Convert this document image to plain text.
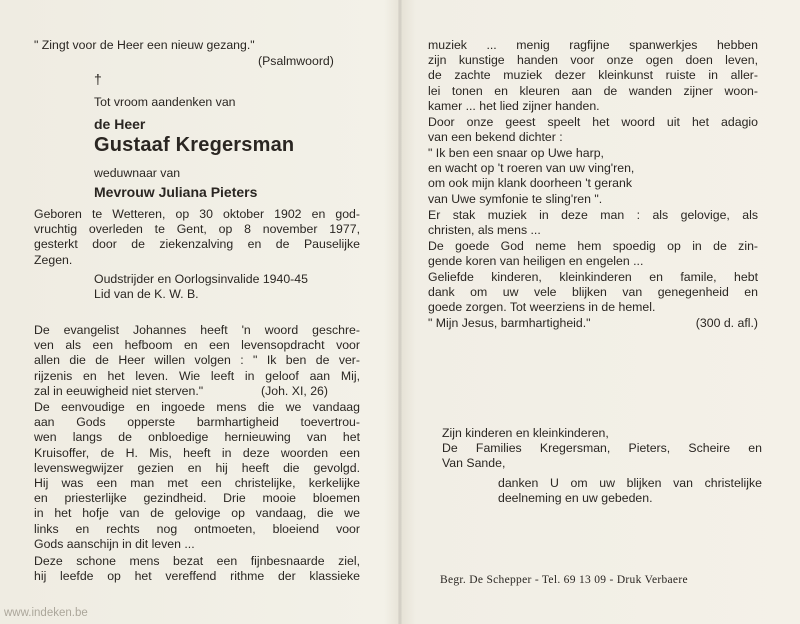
" Zingt voor de Heer een nieuw gezang."
(Psalmwoord)
†
Tot vroom aandenken van
de Heer
Gustaaf Kregersman
weduwnaar van
Mevrouw Juliana Pieters
Geboren te Wetteren, op 30 oktober 1902 en god-
vruchtig overleden te Gent, op 8 november 1977,
gesterkt door de ziekenzalving en de Pauselijke
Zegen.
Oudstrijder en Oorlogsinvalide 1940-45
Lid van de K. W. B.
De evangelist Johannes heeft 'n woord geschre-
ven als een hefboom en een levensopdracht voor
allen die de Heer willen volgen : " Ik ben de ver-
rijzenis en het leven. Wie leeft in geloof aan Mij,
zal in eeuwigheid niet sterven."	(Joh. XI, 26)
De eenvoudige en ingoede mens die we vandaag
aan Gods opperste barmhartigheid toevertrou-
wen langs de onbloedige hernieuwing van het
Kruisoffer, de H. Mis, heeft in deze woorden een
levenswegwijzer gezien en hij heeft die gevolgd.
Hij was een man met een christelijke, kerkelijke
en priesterlijke gezindheid. Drie mooie bloemen
in het hofje van de gelovige op vandaag, die we
links en rechts nog ontmoeten, bloeiend voor
Gods aanschijn in dit leven ...
Deze schone mens bezat een fijnbesnaarde ziel,
hij leefde op het vereffend rithme der klassieke
www.indeken.be
muziek ... menig ragfijne spanwerkjes hebben
zijn kunstige handen voor onze ogen doen leven,
de zachte muziek dezer kleinkunst ruiste in aller-
lei tonen en kleuren aan de wanden zijner woon-
kamer ... het lied zijner handen.
Door onze geest speelt het woord uit het adagio
van een bekend dichter :
" Ik ben een snaar op Uwe harp,
en wacht op 't roeren van uw ving'ren,
om ook mijn klank doorheen 't gerank
van Uwe symfonie te sling'ren ".
Er stak muziek in deze man : als gelovige, als
christen, als mens ...
De goede God neme hem spoedig op in de zin-
gende koren van heiligen en engelen ...
Geliefde kinderen, kleinkinderen en famile, hebt
dank om uw vele blijken van genegenheid en
goede zorgen. Tot weerziens in de hemel.
" Mijn Jesus, barmhartigheid."	(300 d. afl.)
Zijn kinderen en kleinkinderen,
De Families Kregersman, Pieters, Scheire en
Van Sande,
danken U om uw blijken van christelijke
deelneming en uw gebeden.
Begr. De Schepper - Tel. 69 13 09 - Druk Verbaere
